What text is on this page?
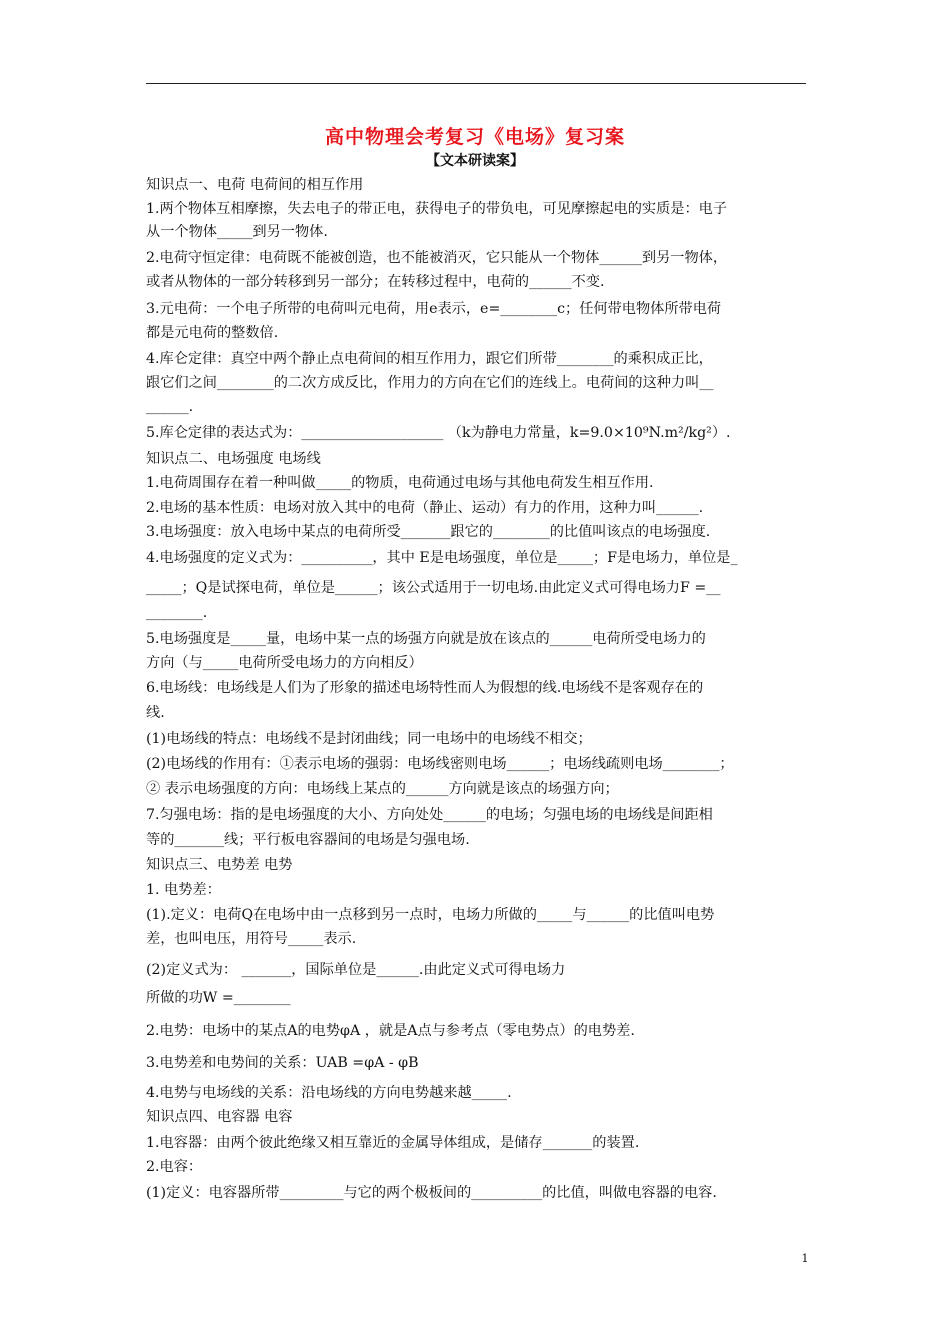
高中物理会考复习《电场》复习案
【文本研读案】
知识点一、电荷 电荷间的相互作用
1.两个物体互相摩擦，失去电子的带正电，获得电子的带负电，可见摩擦起电的实质是：电子
从一个物体_____到另一物体.
2.电荷守恒定律：电荷既不能被创造，也不能被消灭，它只能从一个物体______到另一物体，
或者从物体的一部分转移到另一部分；在转移过程中，电荷的______不变.
3.元电荷：一个电子所带的电荷叫元电荷，用e表示，e=________c；任何带电物体所带电荷
都是元电荷的整数倍.
4.库仑定律：真空中两个静止点电荷间的相互作用力，跟它们所带________的乘积成正比，
跟它们之间________的二次方成反比，作用力的方向在它们的连线上。电荷间的这种力叫__
______.
5.库仑定律的表达式为：____________________ （k为静电力常量，k=9.0×10⁹N.m²/kg²）.
知识点二、电场强度 电场线
1.电荷周围存在着一种叫做_____的物质，电荷通过电场与其他电荷发生相互作用.
2.电场的基本性质：电场对放入其中的电荷（静止、运动）有力的作用，这种力叫______.
3.电场强度：放入电场中某点的电荷所受_______跟它的________的比值叫该点的电场强度.
4.电场强度的定义式为：__________，其中 E是电场强度，单位是_____；F是电场力，单位是_
_____；Q是试探电荷，单位是______；该公式适用于一切电场.由此定义式可得电场力F =__
________.
5.电场强度是_____量，电场中某一点的场强方向就是放在该点的______电荷所受电场力的
方向（与_____电荷所受电场力的方向相反）
6.电场线：电场线是人们为了形象的描述电场特性而人为假想的线.电场线不是客观存在的
线.
(1)电场线的特点：电场线不是封闭曲线；同一电场中的电场线不相交；
(2)电场线的作用有：①表示电场的强弱：电场线密则电场______；电场线疏则电场________；
② 表示电场强度的方向：电场线上某点的______方向就是该点的场强方向；
7.匀强电场：指的是电场强度的大小、方向处处______的电场；匀强电场的电场线是间距相
等的_______线；平行板电容器间的电场是匀强电场.
知识点三、电势差 电势
1. 电势差：
(1).定义：电荷Q在电场中由一点移到另一点时，电场力所做的_____与______的比值叫电势
差，也叫电压，用符号_____表示.
(2)定义式为： _______，国际单位是______.由此定义式可得电场力
所做的功W =________
2.电势：电场中的某点A的电势φA ，就是A点与参考点（零电势点）的电势差.
3.电势差和电势间的关系：UAB =φA - φB
4.电势与电场线的关系：沿电场线的方向电势越来越_____.
知识点四、电容器 电容
1.电容器：由两个彼此绝缘又相互靠近的金属导体组成，是储存_______的装置.
2.电容：
(1)定义：电容器所带_________与它的两个极板间的__________的比值，叫做电容器的电容.
1
